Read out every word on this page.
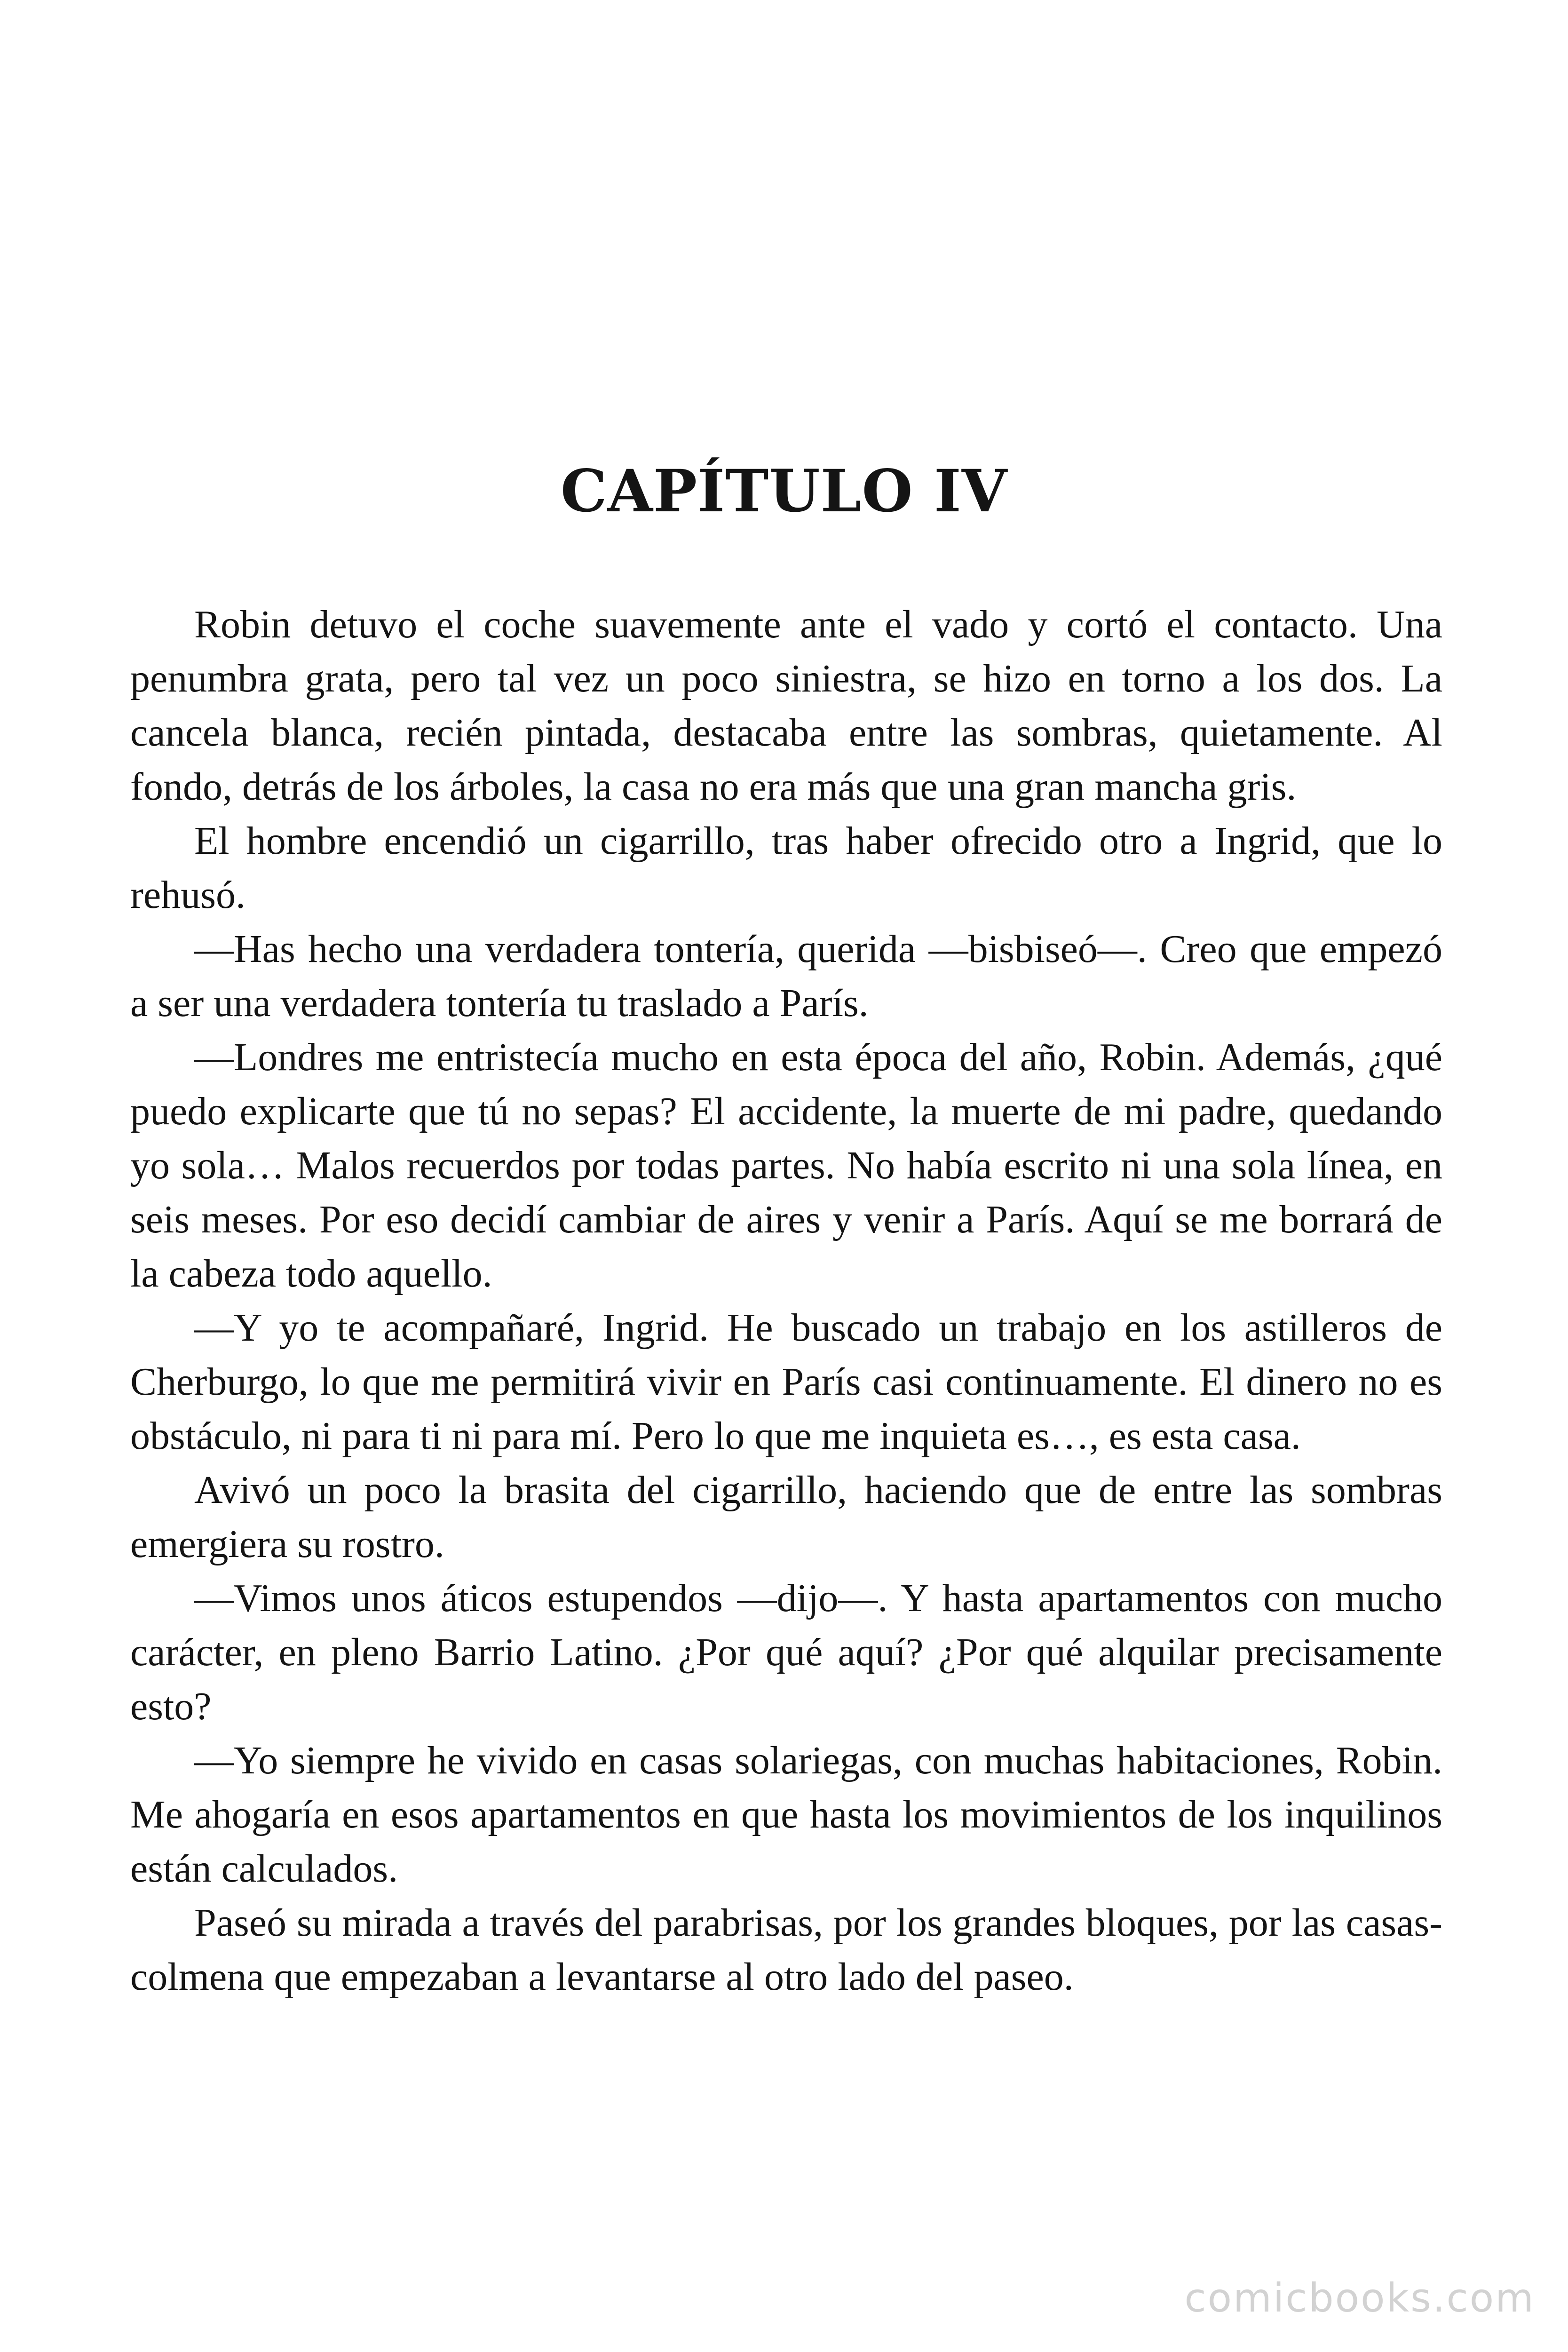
CAPÍTULO IV

Robin detuvo el coche suavemente ante el vado y cortó el contacto. Una penumbra grata, pero tal vez un poco siniestra, se hizo en torno a los dos. La cancela blanca, recién pintada, destacaba entre las sombras, quietamente. Al fondo, detrás de los árboles, la casa no era más que una gran mancha gris.

El hombre encendió un cigarrillo, tras haber ofrecido otro a Ingrid, que lo rehusó.

—Has hecho una verdadera tontería, querida —bisbiseó—. Creo que empezó a ser una verdadera tontería tu traslado a París.

—Londres me entristecía mucho en esta época del año, Robin. Además, ¿qué puedo explicarte que tú no sepas? El accidente, la muerte de mi padre, quedando yo sola… Malos recuerdos por todas partes. No había escrito ni una sola línea, en seis meses. Por eso decidí cambiar de aires y venir a París. Aquí se me borrará de la cabeza todo aquello.

—Y yo te acompañaré, Ingrid. He buscado un trabajo en los astilleros de Cherburgo, lo que me permitirá vivir en París casi continuamente. El dinero no es obstáculo, ni para ti ni para mí. Pero lo que me inquieta es…, es esta casa.

Avivó un poco la brasita del cigarrillo, haciendo que de entre las sombras emergiera su rostro.

—Vimos unos áticos estupendos —dijo—. Y hasta apartamentos con mucho carácter, en pleno Barrio Latino. ¿Por qué aquí? ¿Por qué alquilar precisamente esto?

—Yo siempre he vivido en casas solariegas, con muchas habitaciones, Robin. Me ahogaría en esos apartamentos en que hasta los movimientos de los inquilinos están calculados.

Paseó su mirada a través del parabrisas, por los grandes bloques, por las casas-colmena que empezaban a levantarse al otro lado del paseo.

comicbooks.com
